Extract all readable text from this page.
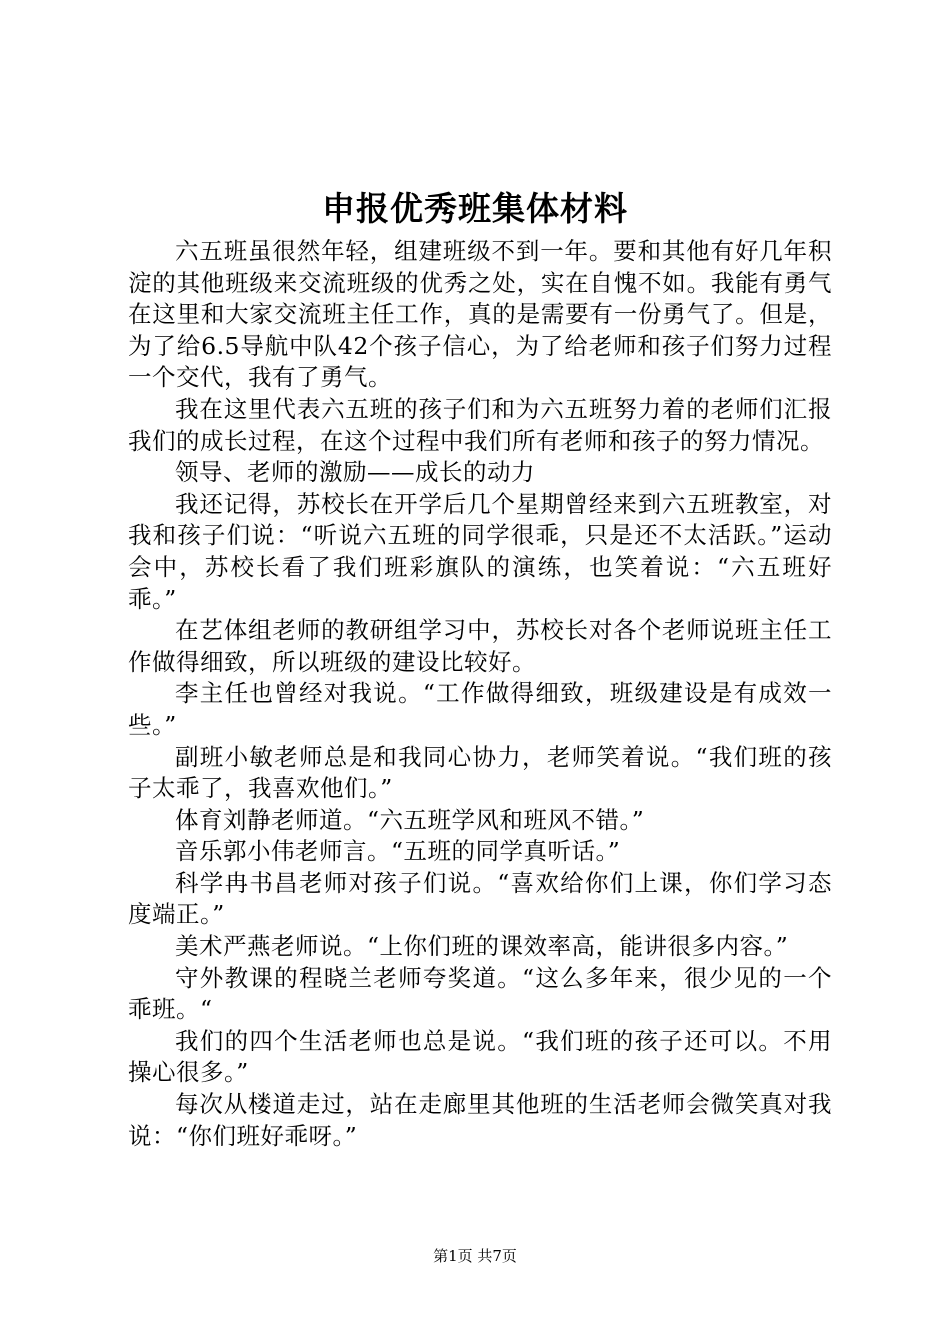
申报优秀班集体材料

六五班虽很然年轻，组建班级不到一年。要和其他有好几年积淀的其他班级来交流班级的优秀之处，实在自愧不如。我能有勇气在这里和大家交流班主任工作，真的是需要有一份勇气了。但是，为了给6.5导航中队42个孩子信心，为了给老师和孩子们努力过程一个交代，我有了勇气。

我在这里代表六五班的孩子们和为六五班努力着的老师们汇报我们的成长过程，在这个过程中我们所有老师和孩子的努力情况。

领导、老师的激励——成长的动力

我还记得，苏校长在开学后几个星期曾经来到六五班教室，对我和孩子们说：“听说六五班的同学很乖，只是还不太活跃。”运动会中，苏校长看了我们班彩旗队的演练，也笑着说：“六五班好乖。”

在艺体组老师的教研组学习中，苏校长对各个老师说班主任工作做得细致，所以班级的建设比较好。

李主任也曾经对我说。“工作做得细致，班级建设是有成效一些。”

副班小敏老师总是和我同心协力，老师笑着说。“我们班的孩子太乖了，我喜欢他们。”

体育刘静老师道。“六五班学风和班风不错。”

音乐郭小伟老师言。“五班的同学真听话。”

科学冉书昌老师对孩子们说。“喜欢给你们上课，你们学习态度端正。”

美术严燕老师说。“上你们班的课效率高，能讲很多内容。”

守外教课的程晓兰老师夸奖道。“这么多年来，很少见的一个乖班。“

我们的四个生活老师也总是说。“我们班的孩子还可以。不用操心很多。”

每次从楼道走过，站在走廊里其他班的生活老师会微笑真对我说：“你们班好乖呀。”

第1页 共7页
